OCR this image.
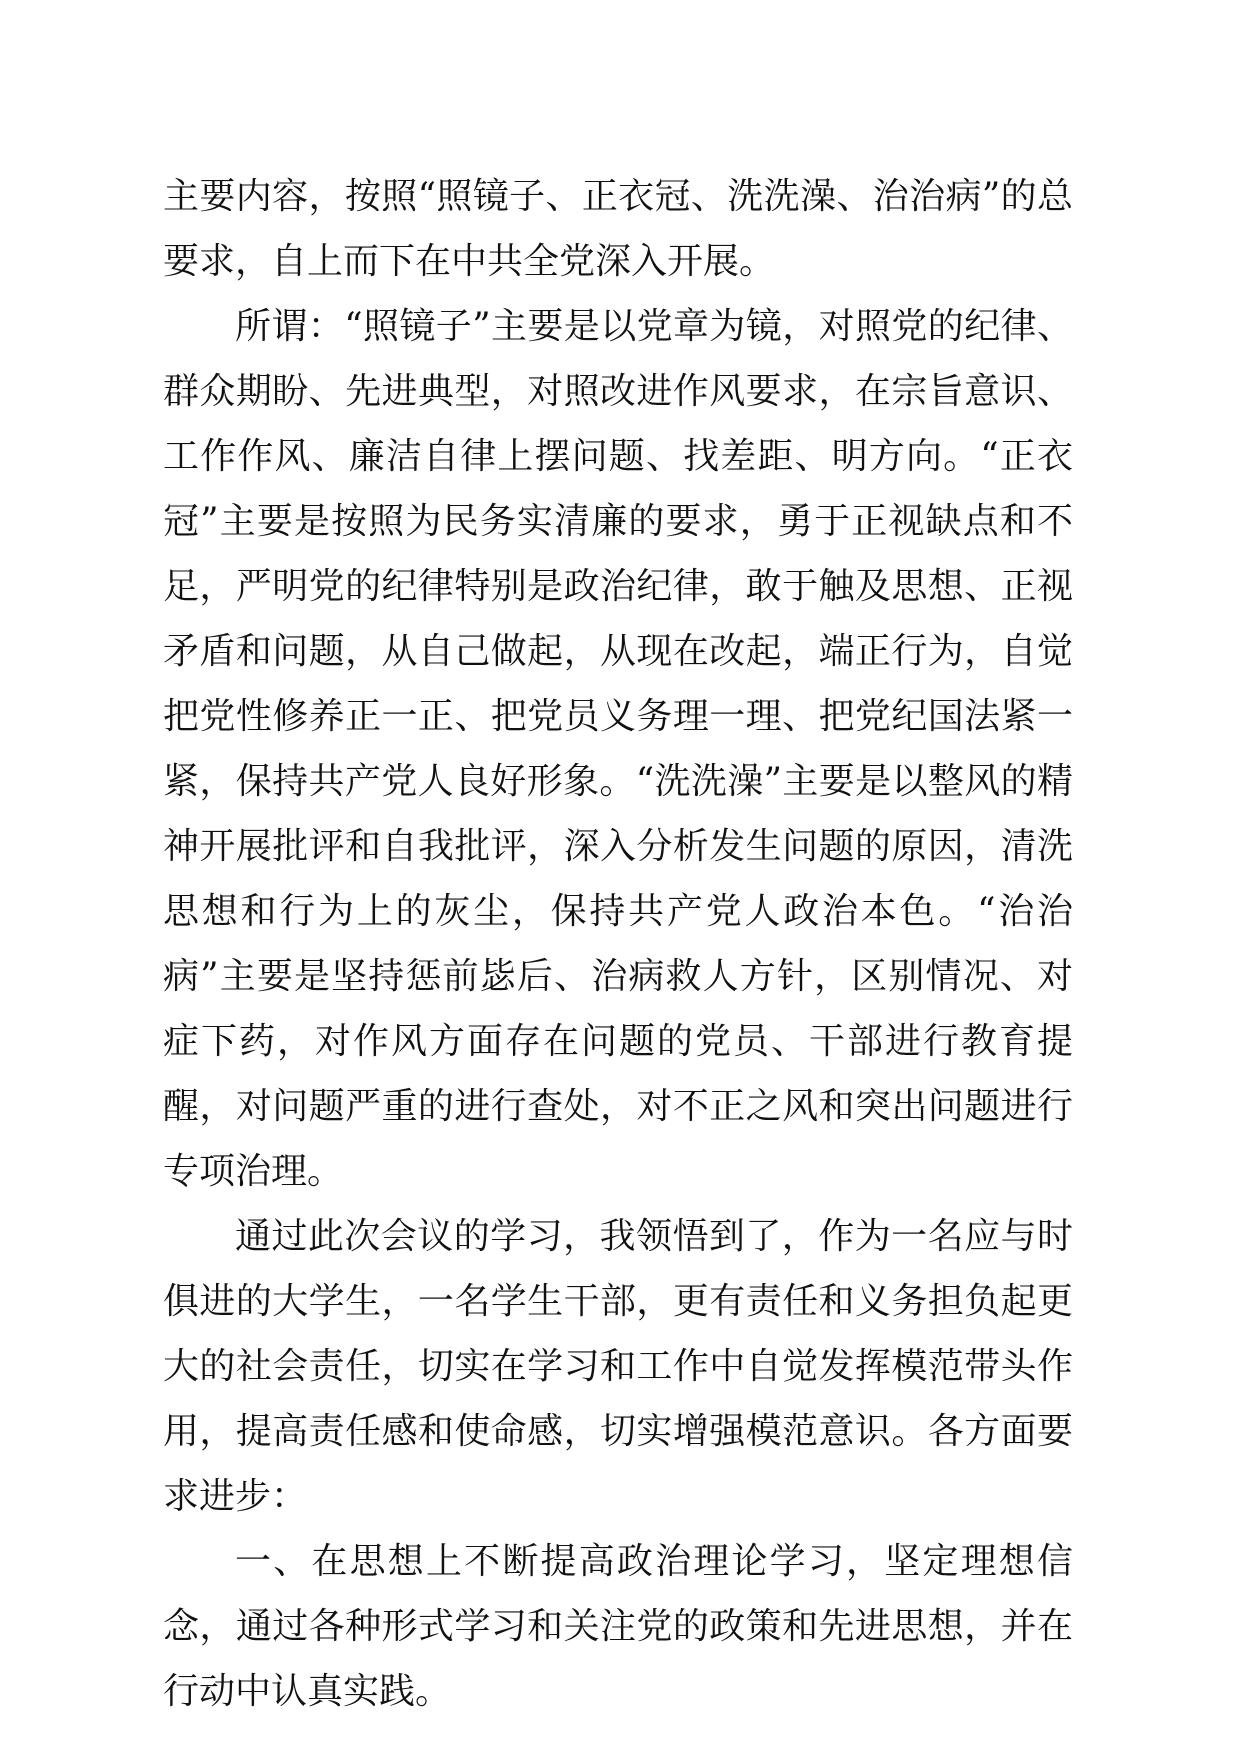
主要内容，按照“照镜子、正衣冠、洗洗澡、治治病”的总要求，自上而下在中共全党深入开展。

所谓：“照镜子”主要是以党章为镜，对照党的纪律、群众期盼、先进典型，对照改进作风要求，在宗旨意识、工作作风、廉洁自律上摆问题、找差距、明方向。“正衣冠”主要是按照为民务实清廉的要求，勇于正视缺点和不足，严明党的纪律特别是政治纪律，敢于触及思想、正视矛盾和问题，从自己做起，从现在改起，端正行为，自觉把党性修养正一正、把党员义务理一理、把党纪国法紧一紧，保持共产党人良好形象。“洗洗澡”主要是以整风的精神开展批评和自我批评，深入分析发生问题的原因，清洗思想和行为上的灰尘，保持共产党人政治本色。“治治病”主要是坚持惩前毖后、治病救人方针，区别情况、对症下药，对作风方面存在问题的党员、干部进行教育提醒，对问题严重的进行查处，对不正之风和突出问题进行专项治理。

通过此次会议的学习，我领悟到了，作为一名应与时俱进的大学生，一名学生干部，更有责任和义务担负起更大的社会责任，切实在学习和工作中自觉发挥模范带头作用，提高责任感和使命感，切实增强模范意识。各方面要求进步：

一、在思想上不断提高政治理论学习，坚定理想信念，通过各种形式学习和关注党的政策和先进思想，并在行动中认真实践。
